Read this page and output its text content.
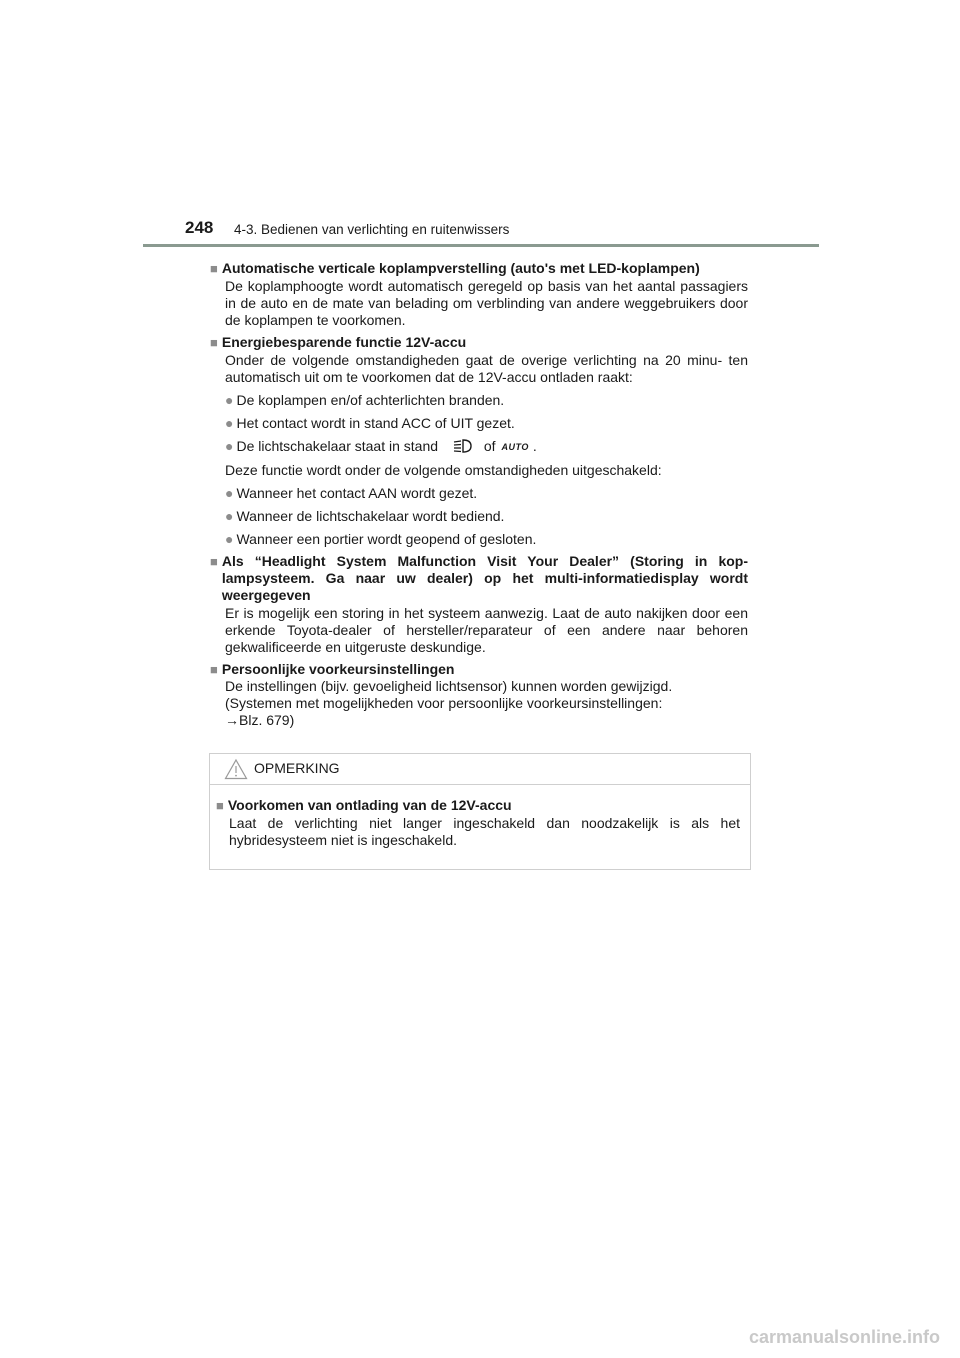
248 4-3. Bedienen van verlichting en ruitenwissers
■ Automatische verticale koplampverstelling (auto's met LED-koplampen)
De koplamphoogte wordt automatisch geregeld op basis van het aantal passagiers in de auto en de mate van belading om verblinding van andere weggebruikers door de koplampen te voorkomen.
■ Energiebesparende functie 12V-accu
Onder de volgende omstandigheden gaat de overige verlichting na 20 minu- ten automatisch uit om te voorkomen dat de 12V-accu ontladen raakt:
● De koplampen en/of achterlichten branden.
● Het contact wordt in stand ACC of UIT gezet.
● De lichtschakelaar staat in stand	of AUTO .
Deze functie wordt onder de volgende omstandigheden uitgeschakeld:
● Wanneer het contact AAN wordt gezet.
● Wanneer de lichtschakelaar wordt bediend.
● Wanneer een portier wordt geopend of gesloten.
■ Als “Headlight System Malfunction Visit Your Dealer” (Storing in kop- lampsysteem. Ga naar uw dealer) op het multi-informatiedisplay wordt weergegeven
Er is mogelijk een storing in het systeem aanwezig. Laat de auto nakijken door een erkende Toyota-dealer of hersteller/reparateur of een andere naar behoren gekwalificeerde en uitgeruste deskundige.
■ Persoonlijke voorkeursinstellingen
De instellingen (bijv. gevoeligheid lichtsensor) kunnen worden gewijzigd.
(Systemen met mogelijkheden voor persoonlijke voorkeursinstellingen:
→Blz. 679)
OPMERKING
■ Voorkomen van ontlading van de 12V-accu
Laat de verlichting niet langer ingeschakeld dan noodzakelijk is als het hybridesysteem niet is ingeschakeld.
carmanualsonline.info
